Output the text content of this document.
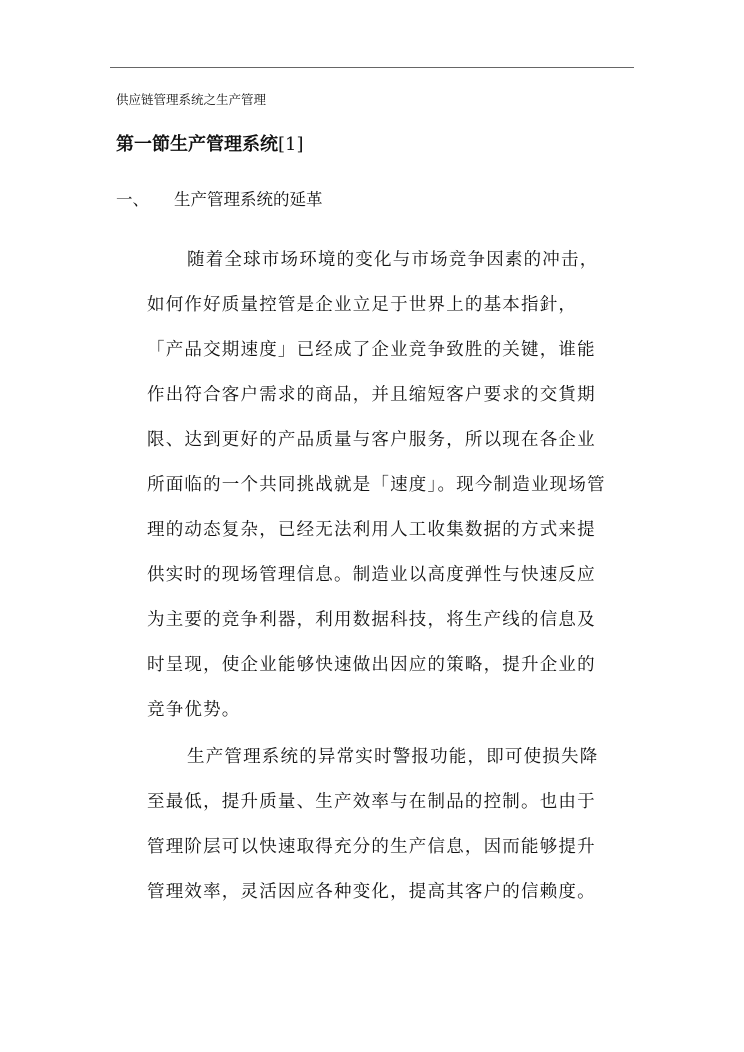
供应链管理系统之生产管理
第一節生产管理系统[1]
一、 生产管理系统的延革
随着全球市场环境的变化与市场竞争因素的冲击，
如何作好质量控管是企业立足于世界上的基本指針，
「产品交期速度」已经成了企业竞争致胜的关键，谁能
作出符合客户需求的商品，并且缩短客户要求的交貨期
限、达到更好的产品质量与客户服务，所以现在各企业
所面临的一个共同挑战就是「速度」。现今制造业现场管
理的动态复杂，已经无法利用人工收集数据的方式来提
供实时的现场管理信息。制造业以高度弹性与快速反应
为主要的竞争利器，利用数据科技，将生产线的信息及
时呈现，使企业能够快速做出因应的策略，提升企业的
竞争优势。
生产管理系统的异常实时警报功能，即可使损失降
至最低，提升质量、生产效率与在制品的控制。也由于
管理阶层可以快速取得充分的生产信息，因而能够提升
管理效率，灵活因应各种变化，提高其客户的信赖度。
